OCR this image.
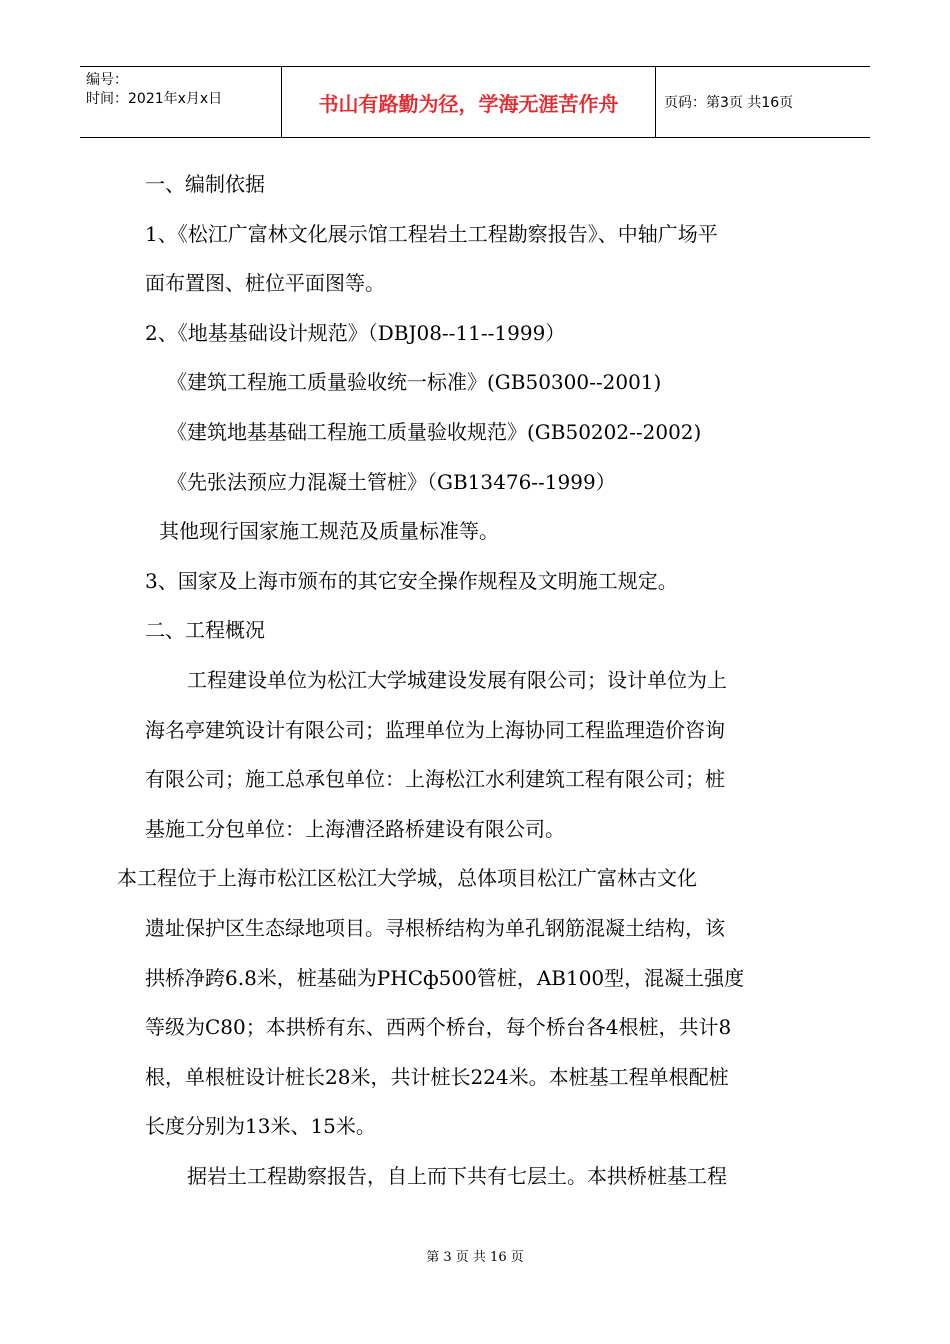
编号：
时间：2021年x月x日	书山有路勤为径，学海无涯苦作舟	页码：第3页 共16页
一、编制依据
1、《松江广富林文化展示馆工程岩土工程勘察报告》、中轴广场平
面布置图、桩位平面图等。
2、《地基基础设计规范》（DBJ08--11--1999）
《建筑工程施工质量验收统一标准》(GB50300--2001)
《建筑地基基础工程施工质量验收规范》(GB50202--2002)
《先张法预应力混凝土管桩》（GB13476--1999）
其他现行国家施工规范及质量标准等。
3、国家及上海市颁布的其它安全操作规程及文明施工规定。
二、工程概况
工程建设单位为松江大学城建设发展有限公司；设计单位为上
海名亭建筑设计有限公司；监理单位为上海协同工程监理造价咨询
有限公司；施工总承包单位：上海松江水利建筑工程有限公司；桩
基施工分包单位：上海漕泾路桥建设有限公司。
本工程位于上海市松江区松江大学城，总体项目松江广富林古文化
遗址保护区生态绿地项目。寻根桥结构为单孔钢筋混凝土结构，该
拱桥净跨6.8米，桩基础为PHCф500管桩，AB100型，混凝土强度
等级为C80；本拱桥有东、西两个桥台，每个桥台各4根桩，共计8
根，单根桩设计桩长28米，共计桩长224米。本桩基工程单根配桩
长度分别为13米、15米。
据岩土工程勘察报告，自上而下共有七层土。本拱桥桩基工程
第 3 页 共 16 页
